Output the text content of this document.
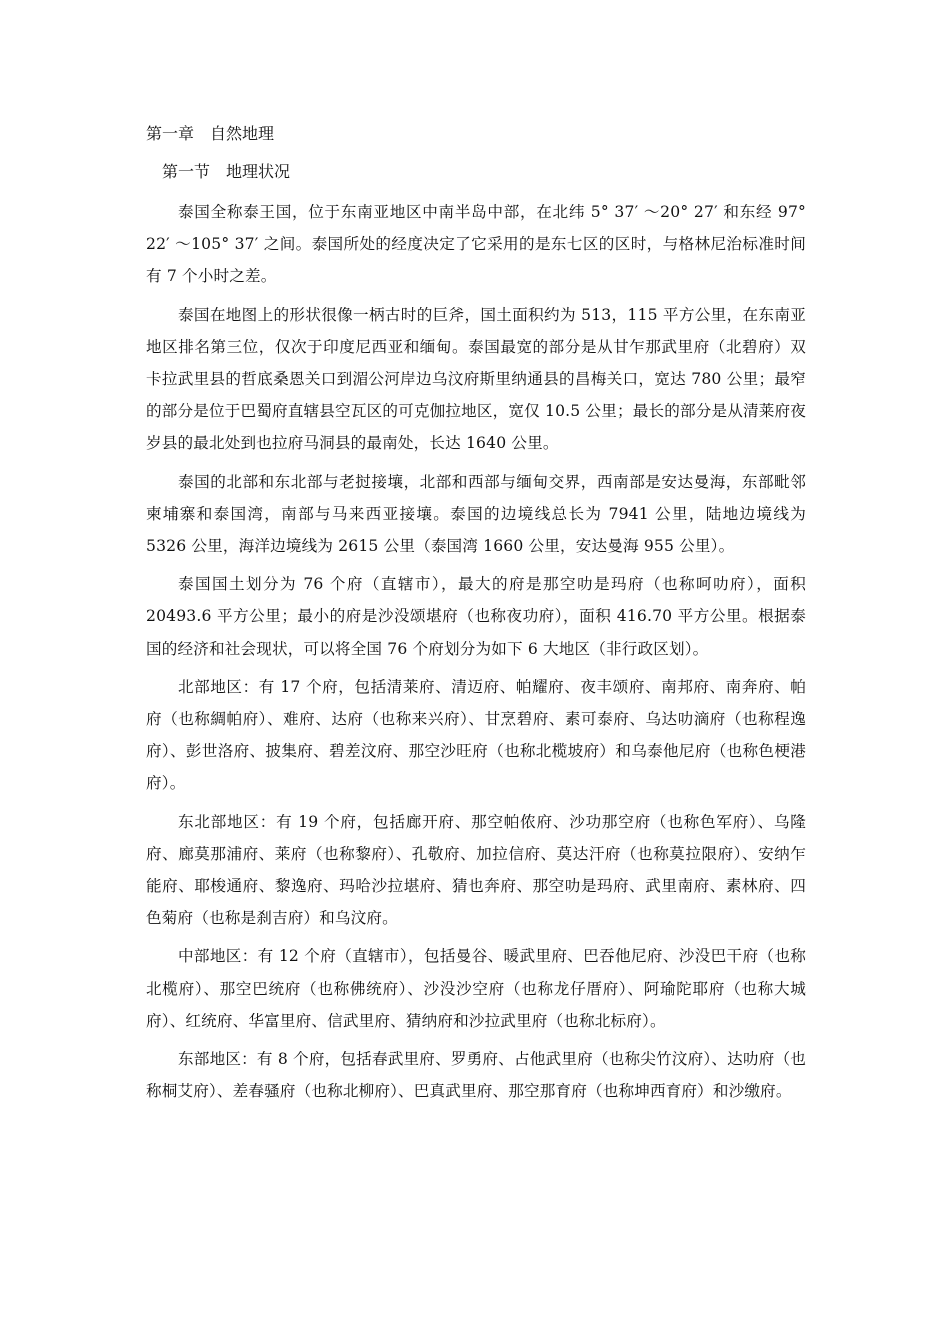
第一章　自然地理
第一节　地理状况

泰国全称泰王国，位于东南亚地区中南半岛中部，在北纬 5° 37′ ～20° 27′ 和东经 97° 22′ ～105° 37′ 之间。泰国所处的经度决定了它采用的是东七区的区时，与格林尼治标准时间有 7 个小时之差。

泰国在地图上的形状很像一柄古时的巨斧，国土面积约为 513，115 平方公里，在东南亚地区排名第三位，仅次于印度尼西亚和缅甸。泰国最宽的部分是从甘乍那武里府（北碧府）双卡拉武里县的哲底桑恩关口到湄公河岸边乌汶府斯里纳通县的昌梅关口，宽达 780 公里；最窄的部分是位于巴蜀府直辖县空瓦区的可克伽拉地区，宽仅 10.5 公里；最长的部分是从清莱府夜岁县的最北处到也拉府马洞县的最南处，长达 1640 公里。

泰国的北部和东北部与老挝接壤，北部和西部与缅甸交界，西南部是安达曼海，东部毗邻柬埔寨和泰国湾，南部与马来西亚接壤。泰国的边境线总长为 7941 公里，陆地边境线为 5326 公里，海洋边境线为 2615 公里（泰国湾 1660 公里，安达曼海 955 公里）。

泰国国土划分为 76 个府（直辖市），最大的府是那空叻是玛府（也称呵叻府），面积 20493.6 平方公里；最小的府是沙没颂堪府（也称夜功府），面积 416.70 平方公里。根据泰国的经济和社会现状，可以将全国 76 个府划分为如下 6 大地区（非行政区划）。

北部地区：有 17 个府，包括清莱府、清迈府、帕耀府、夜丰颂府、南邦府、南奔府、帕府（也称綢帕府）、难府、达府（也称来兴府）、甘烹碧府、素可泰府、乌达叻滴府（也称程逸府）、彭世洛府、披集府、碧差汶府、那空沙旺府（也称北榄坡府）和乌泰他尼府（也称色梗港府）。

东北部地区：有 19 个府，包括廊开府、那空帕侬府、沙功那空府（也称色军府）、乌隆府、廊莫那浦府、莱府（也称黎府）、孔敬府、加拉信府、莫达汗府（也称莫拉限府）、安纳乍能府、耶梭通府、黎逸府、玛哈沙拉堪府、猜也奔府、那空叻是玛府、武里南府、素林府、四色菊府（也称是刹吉府）和乌汶府。

中部地区：有 12 个府（直辖市），包括曼谷、暖武里府、巴吞他尼府、沙没巴干府（也称北榄府）、那空巴统府（也称佛统府）、沙没沙空府（也称龙仔厝府）、阿瑜陀耶府（也称大城府）、红统府、华富里府、信武里府、猜纳府和沙拉武里府（也称北标府）。

东部地区：有 8 个府，包括春武里府、罗勇府、占他武里府（也称尖竹汶府）、达叻府（也称桐艾府）、差春骚府（也称北柳府）、巴真武里府、那空那育府（也称坤西育府）和沙缴府。
